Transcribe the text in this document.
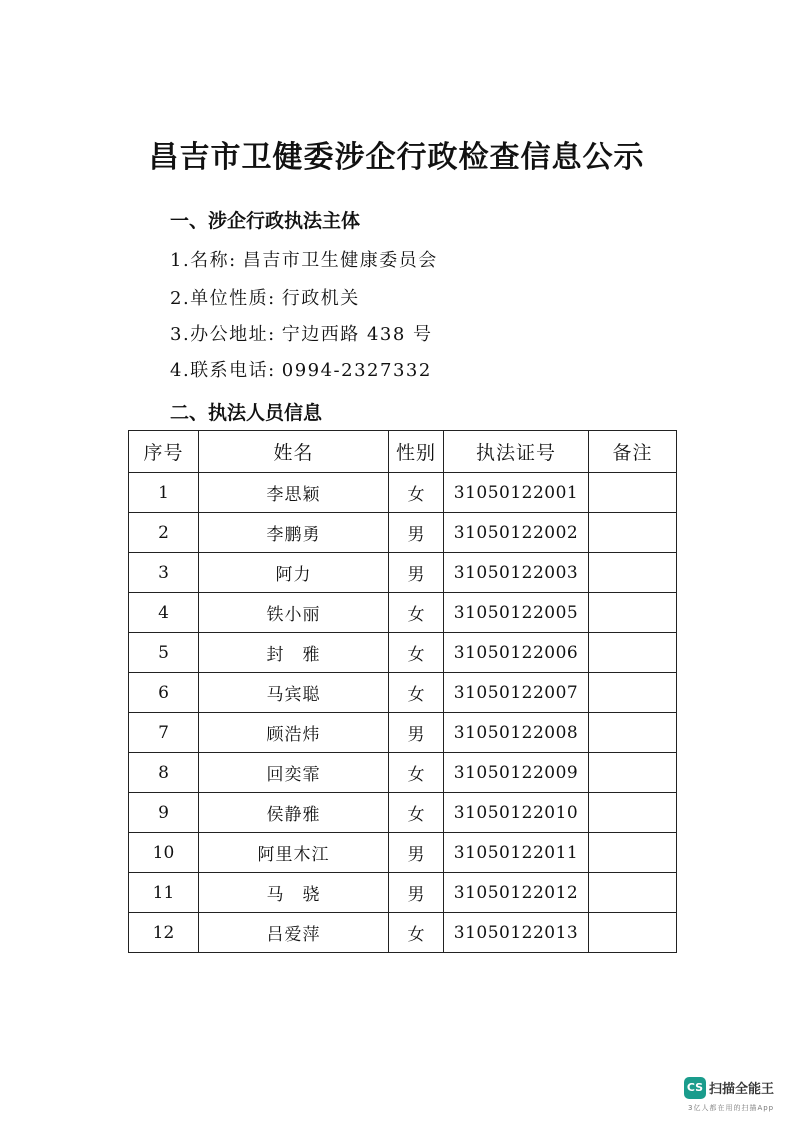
昌吉市卫健委涉企行政检查信息公示
一、涉企行政执法主体
1.名称: 昌吉市卫生健康委员会
2.单位性质: 行政机关
3.办公地址: 宁边西路 438 号
4.联系电话: 0994-2327332
二、执法人员信息
序号	姓名	性别	执法证号	备注
1	李思颖	女	31050122001	
2	李鹏勇	男	31050122002	
3	阿力	男	31050122003	
4	铁小丽	女	31050122005	
5	封　雅	女	31050122006	
6	马宾聪	女	31050122007	
7	顾浩炜	男	31050122008	
8	回奕霏	女	31050122009	
9	侯静雅	女	31050122010	
10	阿里木江	男	31050122011	
11	马　骁	男	31050122012	
12	吕爱萍	女	31050122013	
CS 扫描全能王
3亿人都在用的扫描App
